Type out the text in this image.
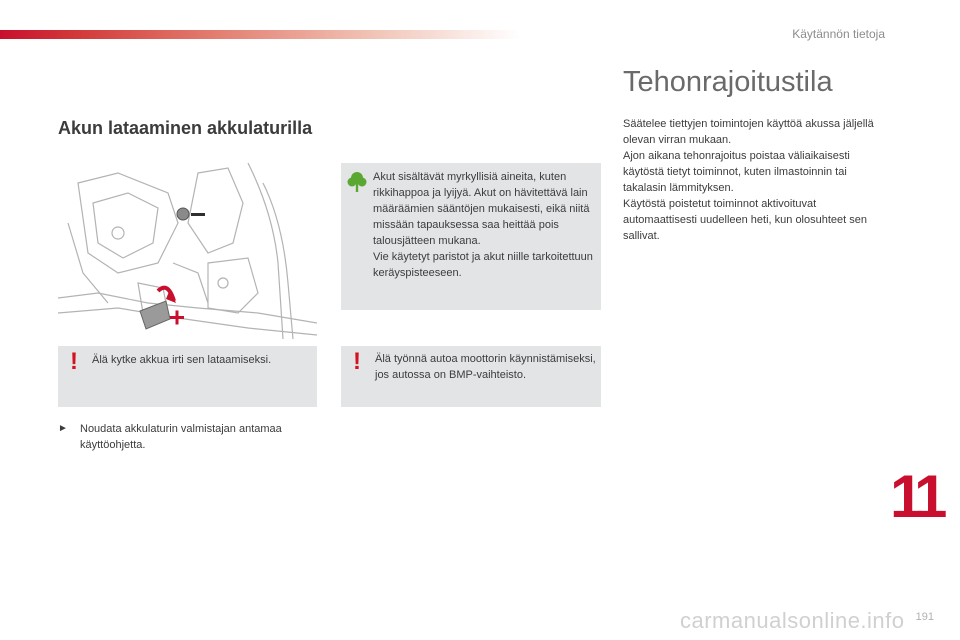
Käytännön tietoja
Akun lataaminen akkulaturilla

Akut sisältävät myrkyllisiä aineita, kuten rikkihappoa ja lyijyä. Akut on hävitettävä lain määräämien sääntöjen mukaisesti, eikä niitä missään tapauksessa saa heittää pois talousjätteen mukana.

Vie käytetyt paristot ja akut niille tarkoitettuun keräyspisteeseen.

! Älä kytke akkua irti sen lataamiseksi.	! Älä työnnä autoa moottorin käynnistämiseksi, jos autossa on BMP-vaihteisto.
► Noudata akkulaturin valmistajan antamaa käyttöohjetta.
Tehonrajoitustila

Säätelee tiettyjen toimintojen käyttöä akussa jäljellä olevan virran mukaan.

Ajon aikana tehonrajoitus poistaa väliaikaisesti käytöstä tietyt toiminnot, kuten ilmastoinnin tai takalasin lämmityksen.

Käytöstä poistetut toiminnot aktivoituvat automaattisesti uudelleen heti, kun olosuhteet sen sallivat.

11
carmanualsonline.info 191
